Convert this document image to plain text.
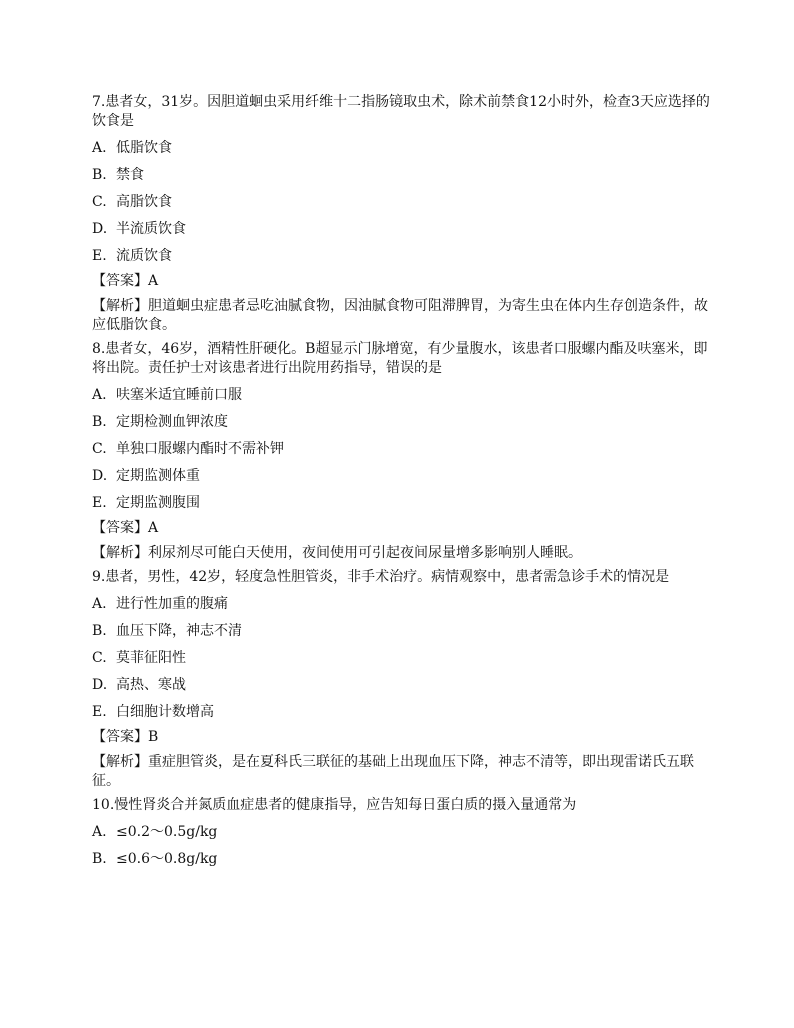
7.患者女，31岁。因胆道蛔虫采用纤维十二指肠镜取虫术，除术前禁食12小时外，检查3天应选择的饮食是

A. 低脂饮食
B. 禁食
C. 高脂饮食
D. 半流质饮食
E. 流质饮食
【答案】A
【解析】胆道蛔虫症患者忌吃油腻食物，因油腻食物可阻滞脾胃，为寄生虫在体内生存创造条件，故应低脂饮食。

8.患者女，46岁，酒精性肝硬化。B超显示门脉增宽，有少量腹水，该患者口服螺内酯及呋塞米，即将出院。责任护士对该患者进行出院用药指导，错误的是

A. 呋塞米适宜睡前口服
B. 定期检测血钾浓度
C. 单独口服螺内酯时不需补钾
D. 定期监测体重
E. 定期监测腹围
【答案】A
【解析】利尿剂尽可能白天使用，夜间使用可引起夜间尿量增多影响别人睡眠。

9.患者，男性，42岁，轻度急性胆管炎，非手术治疗。病情观察中，患者需急诊手术的情况是

A. 进行性加重的腹痛
B. 血压下降，神志不清
C. 莫菲征阳性
D. 高热、寒战
E. 白细胞计数增高
【答案】B
【解析】重症胆管炎，是在夏科氏三联征的基础上出现血压下降，神志不清等，即出现雷诺氏五联征。

10.慢性肾炎合并氮质血症患者的健康指导，应告知每日蛋白质的摄入量通常为

A. ≤0.2～0.5g/kg
B. ≤0.6～0.8g/kg
